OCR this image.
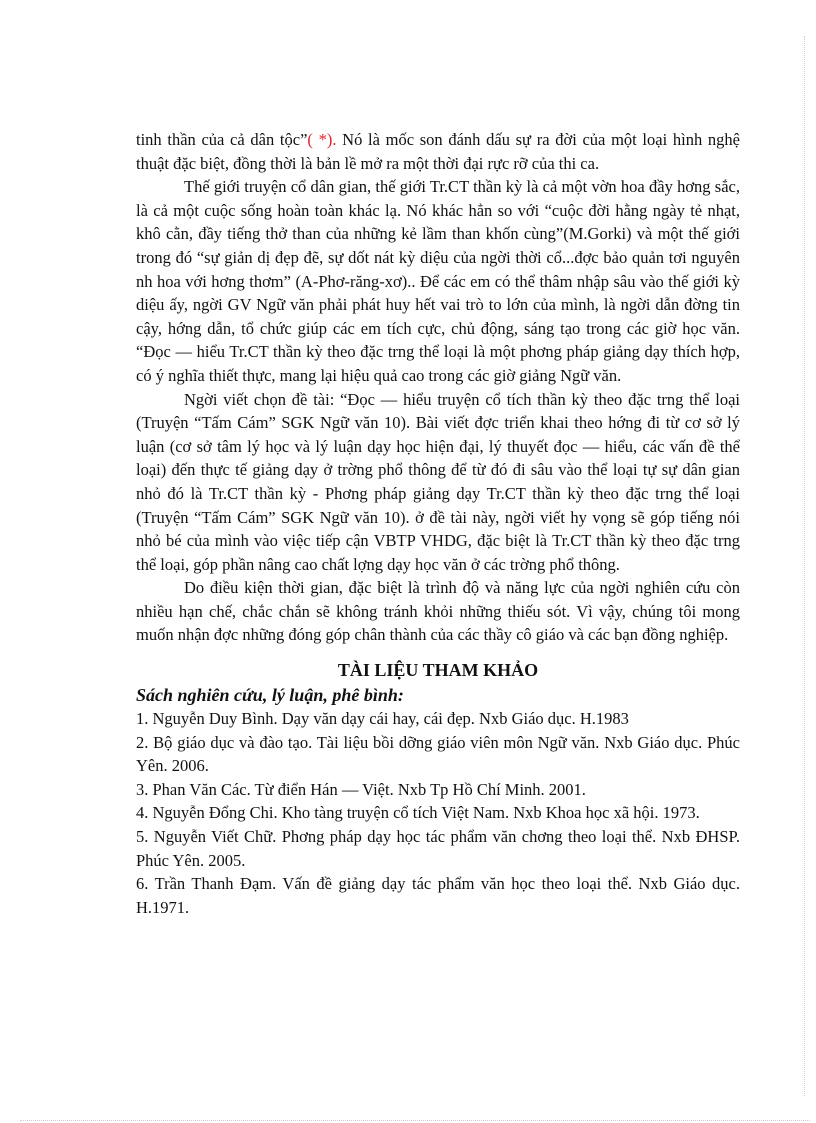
tinh thần của cả dân tộc”( *). Nó là mốc son đánh dấu sự ra đời của một loại hình nghệ thuật đặc biệt, đồng thời là bản lề mở ra một thời đại rực rỡ của thi ca.

Thế giới truyện cổ dân gian, thế giới Tr.CT thần kỳ là cả một vờn hoa đầy hơng sắc, là cả một cuộc sống hoàn toàn khác lạ. Nó khác hẳn so với “cuộc đời hằng ngày tẻ nhạt, khô cằn, đầy tiếng thở than của những kẻ lầm than khốn cùng”(M.Gorki) và một thế giới trong đó “sự giản dị đẹp đẽ, sự dốt nát kỳ diệu của ngời thời cổ...đợc bảo quản tơi nguyên nh hoa với hơng thơm” (A-Phơ-răng-xơ).. Để các em có thể thâm nhập sâu vào thế giới kỳ diệu ấy, ngời GV Ngữ văn phải phát huy hết vai trò to lớn của mình, là ngời dẫn đờng tin cậy, hớng dẫn, tổ chức giúp các em tích cực, chủ động, sáng tạo trong các giờ học văn. “Đọc — hiểu Tr.CT thần kỳ theo đặc trng thể loại là một phơng pháp giảng dạy thích hợp, có ý nghĩa thiết thực, mang lại hiệu quả cao trong các giờ giảng Ngữ văn.

Ngời viết chọn đề tài: “Đọc — hiểu truyện cổ tích thần kỳ theo đặc trng thể loại (Truyện “Tấm Cám” SGK Ngữ văn 10). Bài viết đợc triển khai theo hớng đi từ cơ sở lý luận (cơ sở tâm lý học và lý luận dạy học hiện đại, lý thuyết đọc — hiểu, các vấn đề thể loại) đến thực tế giảng dạy ở trờng phổ thông để từ đó đi sâu vào thể loại tự sự dân gian nhỏ đó là Tr.CT thần kỳ - Phơng pháp giảng dạy Tr.CT thần kỳ theo đặc trng thể loại (Truyện “Tấm Cám” SGK Ngữ văn 10). ở đề tài này, ngời viết hy vọng sẽ góp tiếng nói nhỏ bé của mình vào việc tiếp cận VBTP VHDG, đặc biệt là Tr.CT thần kỳ theo đặc trng thể loại, góp phần nâng cao chất lợng dạy học văn ở các trờng phổ thông.

Do điều kiện thời gian, đặc biệt là trình độ và năng lực của ngời nghiên cứu còn nhiều hạn chế, chắc chắn sẽ không tránh khỏi những thiếu sót. Vì vậy, chúng tôi mong muốn nhận đợc những đóng góp chân thành của các thầy cô giáo và các bạn đồng nghiệp.

TÀI LIỆU THAM KHẢO
Sách nghiên cứu, lý luận, phê bình:

1. Nguyễn Duy Bình. Dạy văn dạy cái hay, cái đẹp. Nxb Giáo dục. H.1983

2. Bộ giáo dục và đào tạo. Tài liệu bồi dỡng giáo viên môn Ngữ văn. Nxb Giáo dục. Phúc Yên. 2006.

3. Phan Văn Các. Từ điển Hán — Việt. Nxb Tp Hồ Chí Minh. 2001.

4. Nguyễn Đổng Chi. Kho tàng truyện cổ tích Việt Nam. Nxb Khoa học xã hội. 1973.

5. Nguyễn Viết Chữ. Phơng pháp dạy học tác phẩm văn chơng theo loại thể. Nxb ĐHSP. Phúc Yên. 2005.

6. Trần Thanh Đạm. Vấn đề giảng dạy tác phẩm văn học theo loại thể. Nxb Giáo dục. H.1971.
